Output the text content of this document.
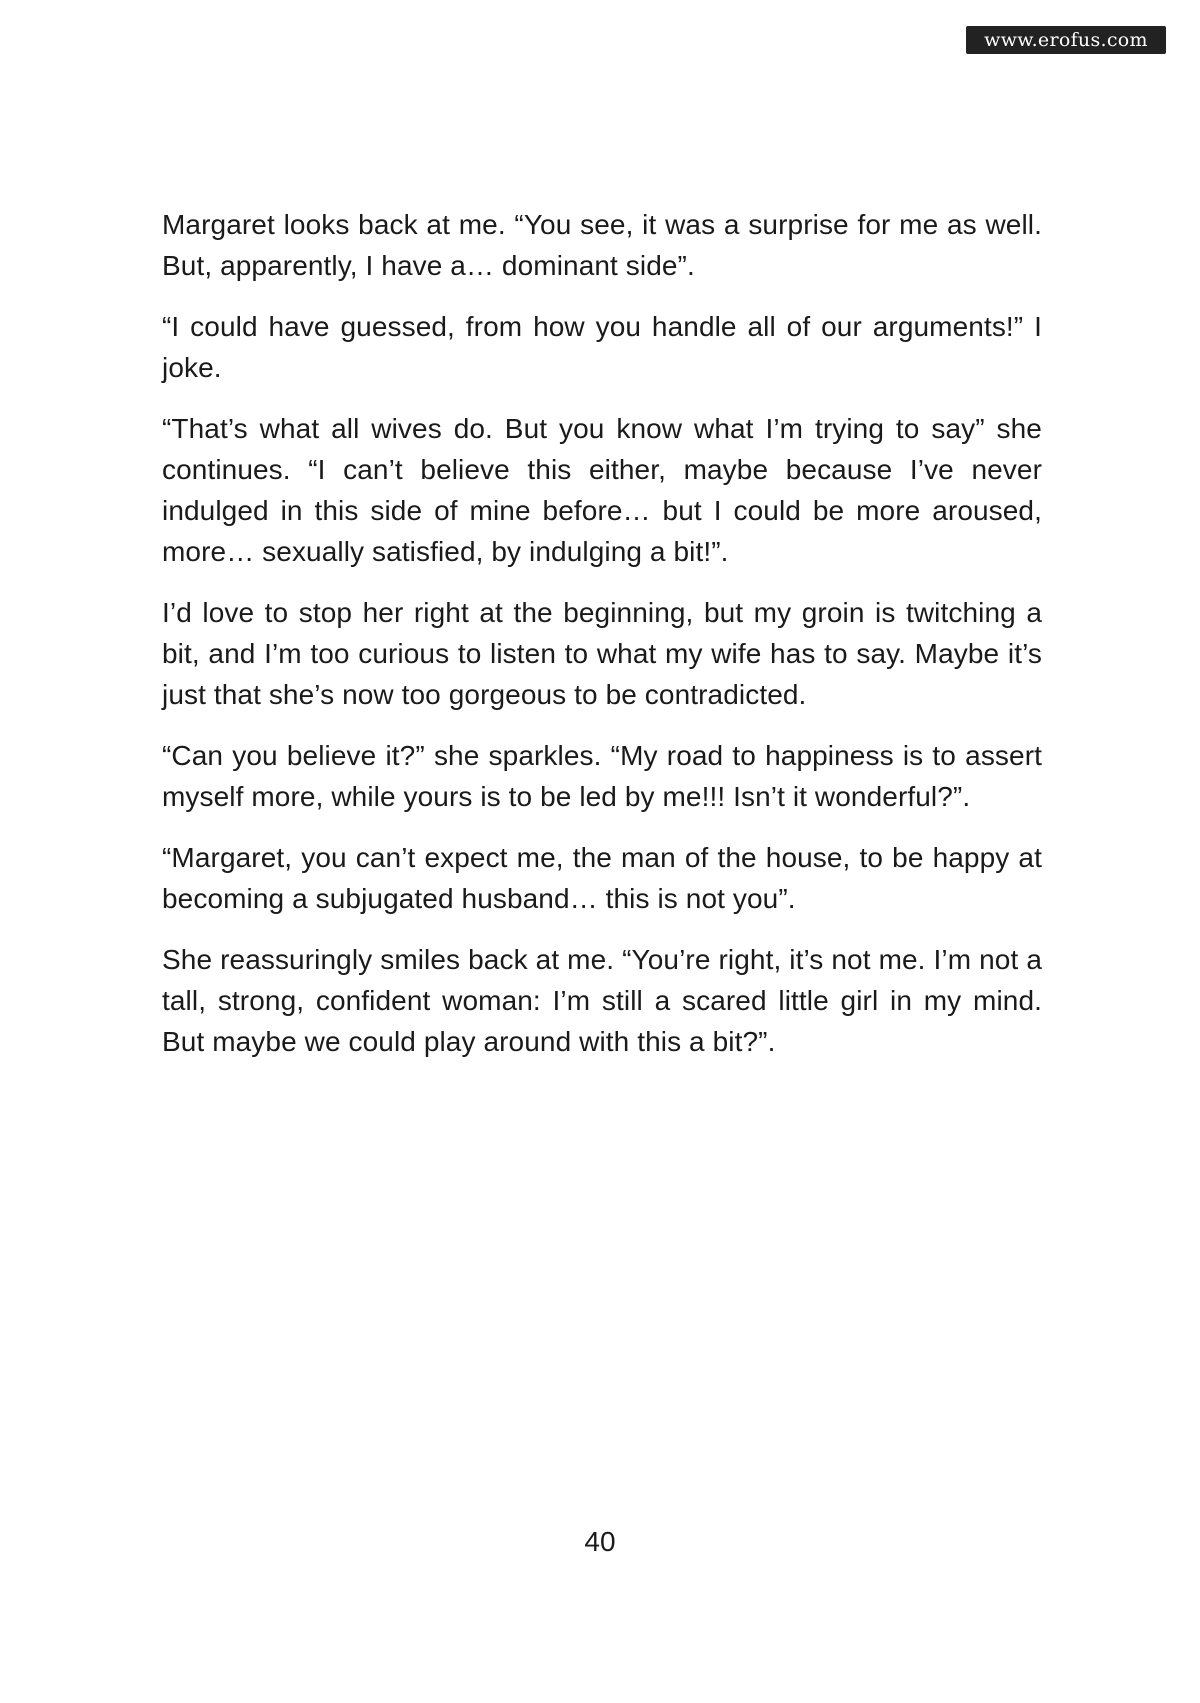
www.erofus.com

Margaret looks back at me. “You see, it was a surprise for me as well. But, apparently, I have a… dominant side”.

“I could have guessed, from how you handle all of our arguments!” I joke.

“That’s what all wives do. But you know what I’m trying to say” she continues. “I can’t believe this either, maybe because I’ve never indulged in this side of mine before… but I could be more aroused, more… sexually satisfied, by indulging a bit!”.

I’d love to stop her right at the beginning, but my groin is twitching a bit, and I’m too curious to listen to what my wife has to say. Maybe it’s just that she’s now too gorgeous to be contradicted.

“Can you believe it?” she sparkles. “My road to happiness is to assert myself more, while yours is to be led by me!!! Isn’t it wonderful?”.

“Margaret, you can’t expect me, the man of the house, to be happy at becoming a subjugated husband… this is not you”.

She reassuringly smiles back at me. “You’re right, it’s not me. I’m not a tall, strong, confident woman: I’m still a scared little girl in my mind. But maybe we could play around with this a bit?”.

40
